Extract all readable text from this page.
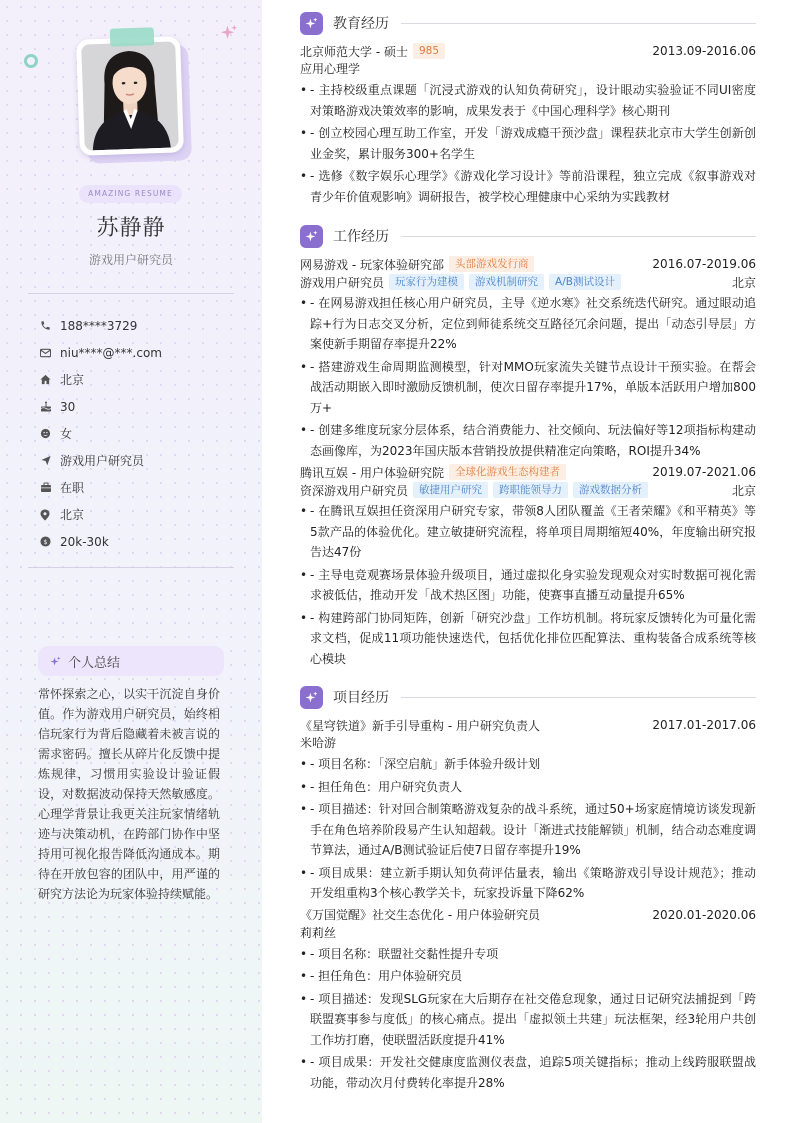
AMAZING RESUME
苏静静
游戏用户研究员
188****3729
niu****@***.com
北京
30
女
游戏用户研究员
在职
北京
$ 20k-30k
个人总结
常怀探索之心，以实干沉淀自身价值。作为游戏用户研究员，始终相信玩家行为背后隐藏着未被言说的需求密码。擅长从碎片化反馈中提炼规律，习惯用实验设计验证假设，对数据波动保持天然敏感度。心理学背景让我更关注玩家情绪轨迹与决策动机，在跨部门协作中坚持用可视化报告降低沟通成本。期待在开放包容的团队中，用严谨的研究方法论为玩家体验持续赋能。
教育经历
北京师范大学 - 硕士	985	2013.09-2016.06
应用心理学
• - 主持校级重点课题「沉浸式游戏的认知负荷研究」，设计眼动实验验证不同UI密度对策略游戏决策效率的影响，成果发表于《中国心理科学》核心期刊
• - 创立校园心理互助工作室，开发「游戏成瘾干预沙盘」课程获北京市大学生创新创业金奖，累计服务300+名学生
• - 选修《数字娱乐心理学》《游戏化学习设计》等前沿课程，独立完成《叙事游戏对青少年价值观影响》调研报告，被学校心理健康中心采纳为实践教材
工作经历
网易游戏 - 玩家体验研究部	头部游戏发行商	2016.07-2019.06
游戏用户研究员	玩家行为建模	游戏机制研究	A/B测试设计	北京
• - 在网易游戏担任核心用户研究员，主导《逆水寒》社交系统迭代研究。通过眼动追踪+行为日志交叉分析，定位到师徒系统交互路径冗余问题，提出「动态引导层」方案使新手期留存率提升22%
• - 搭建游戏生命周期监测模型，针对MMO玩家流失关键节点设计干预实验。在帮会战活动期嵌入即时激励反馈机制，使次日留存率提升17%，单版本活跃用户增加800万+
• - 创建多维度玩家分层体系，结合消费能力、社交倾向、玩法偏好等12项指标构建动态画像库，为2023年国庆版本营销投放提供精准定向策略，ROI提升34%
腾讯互娱 - 用户体验研究院	全球化游戏生态构建者	2019.07-2021.06
资深游戏用户研究员	敏捷用户研究	跨职能领导力	游戏数据分析	北京
• - 在腾讯互娱担任资深用户研究专家，带领8人团队覆盖《王者荣耀》《和平精英》等5款产品的体验优化。建立敏捷研究流程，将单项目周期缩短40%，年度输出研究报告达47份
• - 主导电竞观赛场景体验升级项目，通过虚拟化身实验发现观众对实时数据可视化需求被低估，推动开发「战术热区图」功能，使赛事直播互动量提升65%
• - 构建跨部门协同矩阵，创新「研究沙盘」工作坊机制。将玩家反馈转化为可量化需求文档，促成11项功能快速迭代，包括优化排位匹配算法、重构装备合成系统等核心模块
项目经历
《星穹铁道》新手引导重构 - 用户研究负责人	2017.01-2017.06
米哈游
• - 项目名称：「深空启航」新手体验升级计划
• - 担任角色：用户研究负责人
• - 项目描述：针对回合制策略游戏复杂的战斗系统，通过50+场家庭情境访谈发现新手在角色培养阶段易产生认知超载。设计「渐进式技能解锁」机制，结合动态难度调节算法，通过A/B测试验证后使7日留存率提升19%
• - 项目成果：建立新手期认知负荷评估量表，输出《策略游戏引导设计规范》；推动开发组重构3个核心教学关卡，玩家投诉量下降62%
《万国觉醒》社交生态优化 - 用户体验研究员	2020.01-2020.06
莉莉丝
• - 项目名称：联盟社交黏性提升专项
• - 担任角色：用户体验研究员
• - 项目描述：发现SLG玩家在大后期存在社交倦怠现象，通过日记研究法捕捉到「跨联盟赛事参与度低」的核心痛点。提出「虚拟领土共建」玩法框架，经3轮用户共创工作坊打磨，使联盟活跃度提升41%
• - 项目成果：开发社交健康度监测仪表盘，追踪5项关键指标；推动上线跨服联盟战功能，带动次月付费转化率提升28%
